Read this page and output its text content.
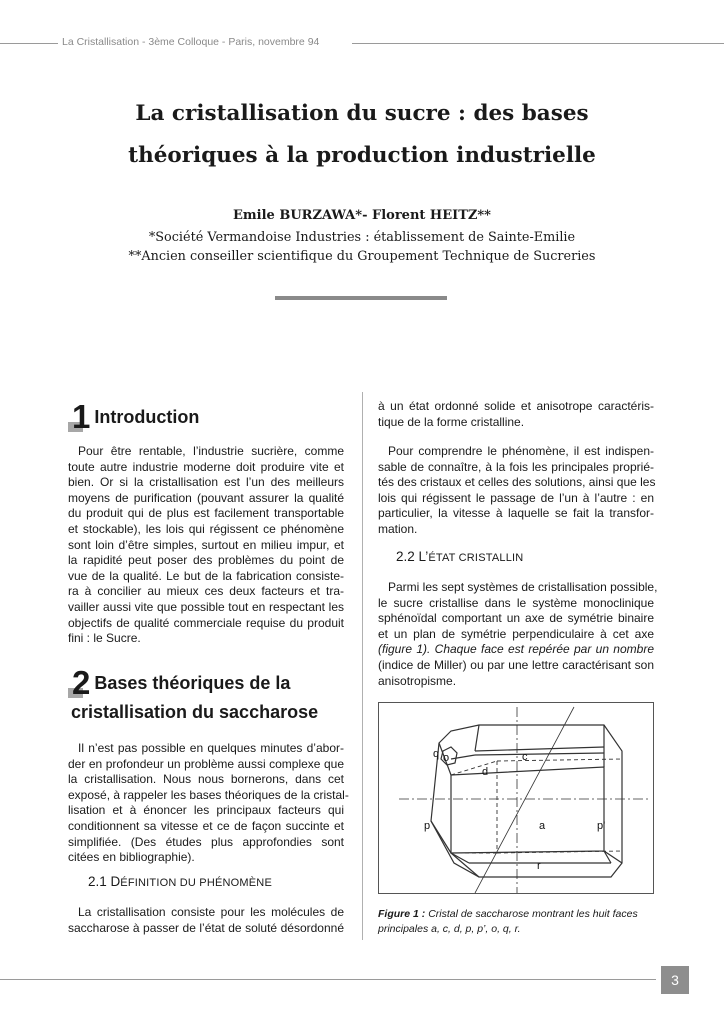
La Cristallisation - 3ème Colloque - Paris, novembre 94
La cristallisation du sucre : des bases
théoriques à la production industrielle
Emile BURZAWA*- Florent HEITZ**
*Société Vermandoise Industries : établissement de Sainte-Emilie
**Ancien conseiller scientifique du Groupement Technique de Sucreries
1 Introduction
Pour être rentable, l’industrie sucrière, comme
toute autre industrie moderne doit produire vite et
bien. Or si la cristallisation est l’un des meilleurs
moyens de purification (pouvant assurer la qualité
du produit qui de plus est facilement transportable
et stockable), les lois qui régissent ce phénomène
sont loin d’être simples, surtout en milieu impur, et
la rapidité peut poser des problèmes du point de
vue de la qualité. Le but de la fabrication consiste-
ra à concilier au mieux ces deux facteurs et tra-
vailler aussi vite que possible tout en respectant les
objectifs de qualité commerciale requise du produit
fini : le Sucre.
2 Bases théoriques de la
cristallisation du saccharose
Il n’est pas possible en quelques minutes d’abor-
der en profondeur un problème aussi complexe que
la cristallisation. Nous nous bornerons, dans cet
exposé, à rappeler les bases théoriques de la cristal-
lisation et à énoncer les principaux facteurs qui
conditionnent sa vitesse et ce de façon succinte et
simplifiée. (Des études plus approfondies sont
citées en bibliographie).
2.1 DÉFINITION DU PHÉNOMÈNE
La cristallisation consiste pour les molécules de
saccharose à passer de l’état de soluté désordonné
à un état ordonné solide et anisotrope caractéris-
tique de la forme cristalline.
Pour comprendre le phénomène, il est indispen-
sable de connaître, à la fois les principales proprié-
tés des cristaux et celles des solutions, ainsi que les
lois qui régissent le passage de l’un à l’autre : en
particulier, la vitesse à laquelle se fait la transfor-
mation.
2.2 L’ÉTAT CRISTALLIN
Parmi les sept systèmes de cristallisation possible,
le sucre cristallise dans le système monoclinique
sphénoïdal comportant un axe de symétrie binaire
et un plan de symétrie perpendiculaire à cet axe
(figure 1). Chaque face est repérée par un nombre
(indice de Miller) ou par une lettre caractérisant son
anisotropisme.
q o	c
d
p	a	p'
r
Figure 1 : Cristal de saccharose montrant les huit faces
principales a, c, d, p, p’, o, q, r.
3
